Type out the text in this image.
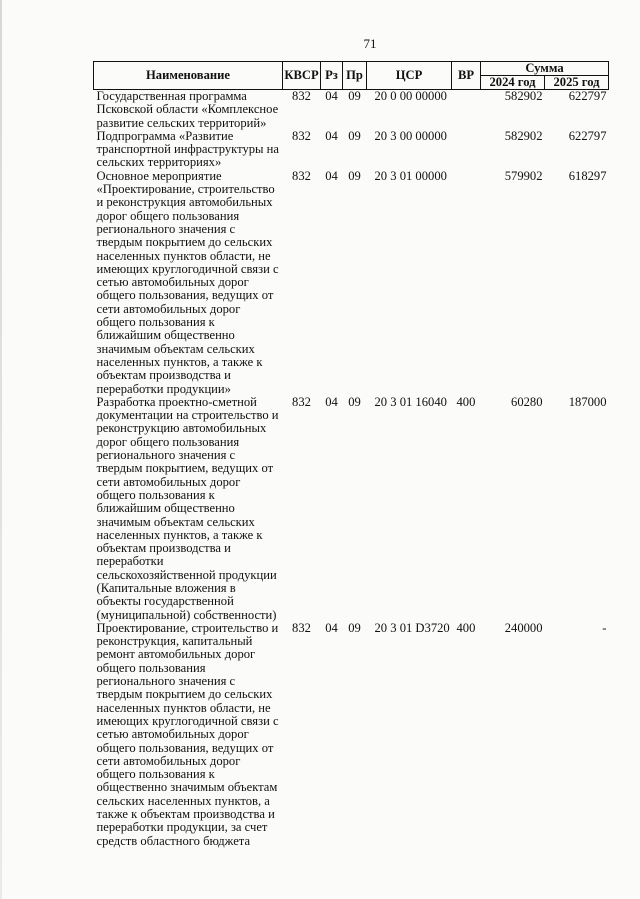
71
Наименование	КВСР	Рз	Пр	ЦСР	ВР	Сумма	
						2024 год	2025 год
Государственная программа Псковской области «Комплексное развитие сельских территорий»	832	04	09	20 0 00 00000		582902	622797
Подпрограмма «Развитие транспортной инфраструктуры на сельских территориях»	832	04	09	20 3 00 00000		582902	622797
Основное мероприятие «Проектирование, строительство и реконструкция автомобильных дорог общего пользования регионального значения с твердым покрытием до сельских населенных пунктов области, не имеющих круглогодичной связи с сетью автомобильных дорог общего пользования, ведущих от сети автомобильных дорог общего пользования к ближайшим общественно значимым объектам сельских населенных пунктов, а также к объектам производства и переработки продукции»	832	04	09	20 3 01 00000		579902	618297
Разработка проектно-сметной документации на строительство и реконструкцию автомобильных дорог общего пользования регионального значения с твердым покрытием, ведущих от сети автомобильных дорог общего пользования к ближайшим общественно значимым объектам сельских населенных пунктов, а также к объектам производства и переработки сельскохозяйственной продукции (Капитальные вложения в объекты государственной (муниципальной) собственности)	832	04	09	20 3 01 16040	400	60280	187000
Проектирование, строительство и реконструкция, капитальный ремонт автомобильных дорог общего пользования регионального значения с твердым покрытием до сельских населенных пунктов области, не имеющих круглогодичной связи с сетью автомобильных дорог общего пользования, ведущих от сети автомобильных дорог общего пользования к общественно значимым объектам сельских населенных пунктов, а также к объектам производства и переработки продукции, за счет средств областного бюджета	832	04	09	20 3 01 D3720	400	240000	-
